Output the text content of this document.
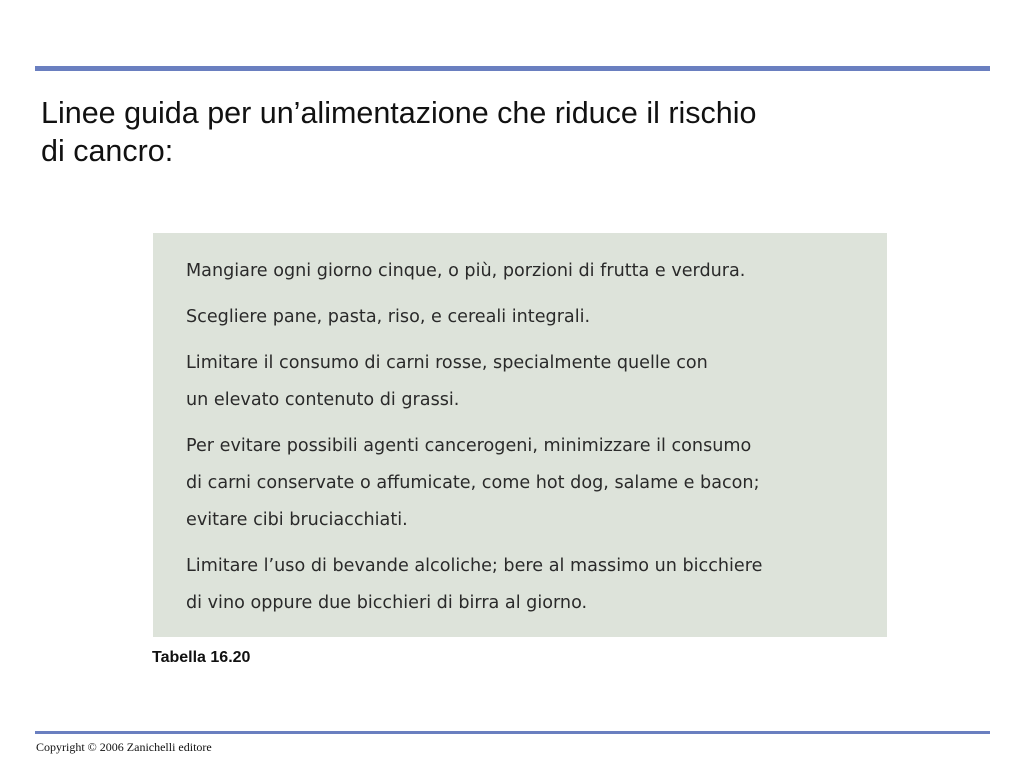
Linee guida per un’alimentazione che riduce il rischio
di cancro:

Mangiare ogni giorno cinque, o più, porzioni di frutta e verdura.

Scegliere pane, pasta, riso, e cereali integrali.

Limitare il consumo di carni rosse, specialmente quelle con
un elevato contenuto di grassi.

Per evitare possibili agenti cancerogeni, minimizzare il consumo
di carni conservate o affumicate, come hot dog, salame e bacon;
evitare cibi bruciacchiati.

Limitare l’uso di bevande alcoliche; bere al massimo un bicchiere
di vino oppure due bicchieri di birra al giorno.

Tabella 16.20
Copyright © 2006 Zanichelli editore
